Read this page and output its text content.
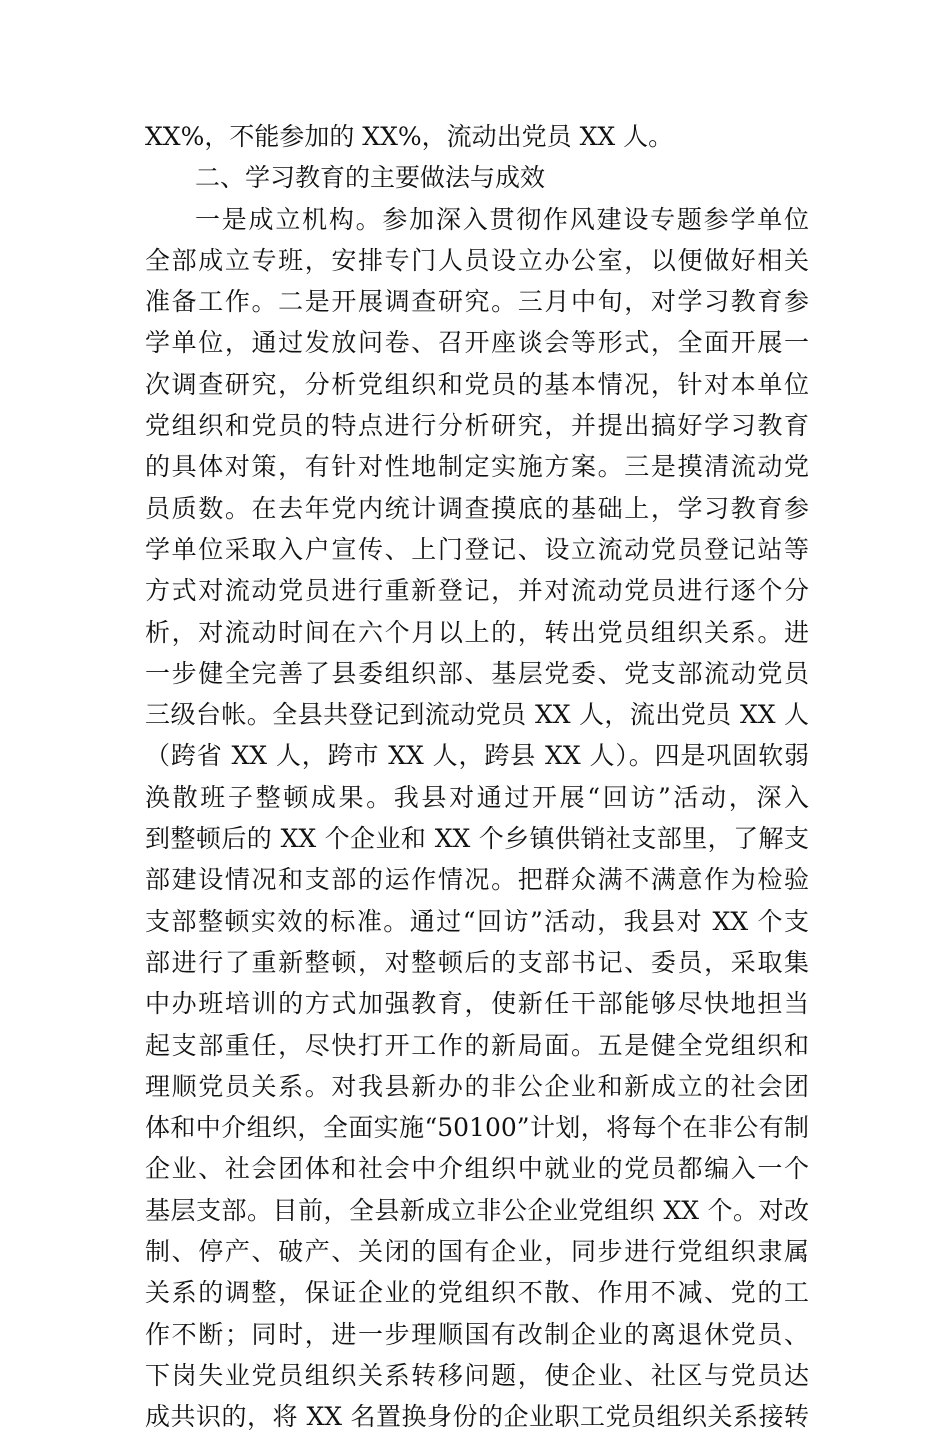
XX%，不能参加的 XX%，流动出党员 XX 人。
二、学习教育的主要做法与成效
一是成立机构。参加深入贯彻作风建设专题参学单位
全部成立专班，安排专门人员设立办公室，以便做好相关
准备工作。二是开展调查研究。三月中旬，对学习教育参
学单位，通过发放问卷、召开座谈会等形式，全面开展一
次调查研究，分析党组织和党员的基本情况，针对本单位
党组织和党员的特点进行分析研究，并提出搞好学习教育
的具体对策，有针对性地制定实施方案。三是摸清流动党
员质数。在去年党内统计调查摸底的基础上，学习教育参
学单位采取入户宣传、上门登记、设立流动党员登记站等
方式对流动党员进行重新登记，并对流动党员进行逐个分
析，对流动时间在六个月以上的，转出党员组织关系。进
一步健全完善了县委组织部、基层党委、党支部流动党员
三级台帐。全县共登记到流动党员 XX 人，流出党员 XX 人
（跨省 XX 人，跨市 XX 人，跨县 XX 人）。四是巩固软弱
涣散班子整顿成果。我县对通过开展“回访”活动，深入
到整顿后的 XX 个企业和 XX 个乡镇供销社支部里，了解支
部建设情况和支部的运作情况。把群众满不满意作为检验
支部整顿实效的标准。通过“回访”活动，我县对 XX 个支
部进行了重新整顿，对整顿后的支部书记、委员，采取集
中办班培训的方式加强教育，使新任干部能够尽快地担当
起支部重任，尽快打开工作的新局面。五是健全党组织和
理顺党员关系。对我县新办的非公企业和新成立的社会团
体和中介组织，全面实施“50100”计划，将每个在非公有制
企业、社会团体和社会中介组织中就业的党员都编入一个
基层支部。目前，全县新成立非公企业党组织 XX 个。对改
制、停产、破产、关闭的国有企业，同步进行党组织隶属
关系的调整，保证企业的党组织不散、作用不减、党的工
作不断；同时，进一步理顺国有改制企业的离退休党员、
下岗失业党员组织关系转移问题，使企业、社区与党员达
成共识的，将 XX 名置换身份的企业职工党员组织关系接转
